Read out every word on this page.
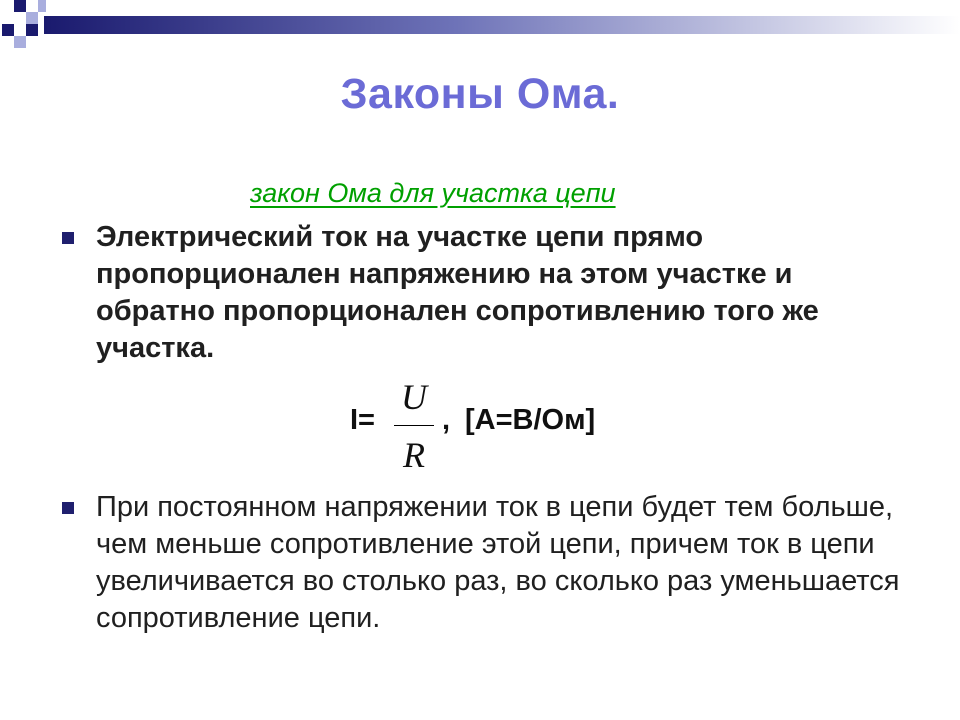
Законы Ома.
закон Ома для участка цепи

Электрический ток на участке цепи прямо пропорционален напряжению на этом участке и обратно пропорционален сопротивлению того же участка.

I=
U
R
, [А=В/Ом]

При постоянном напряжении ток в цепи будет тем больше, чем меньше сопротивление этой цепи, причем ток в цепи увеличивается во столько раз, во сколько раз уменьшается сопротивление цепи.
